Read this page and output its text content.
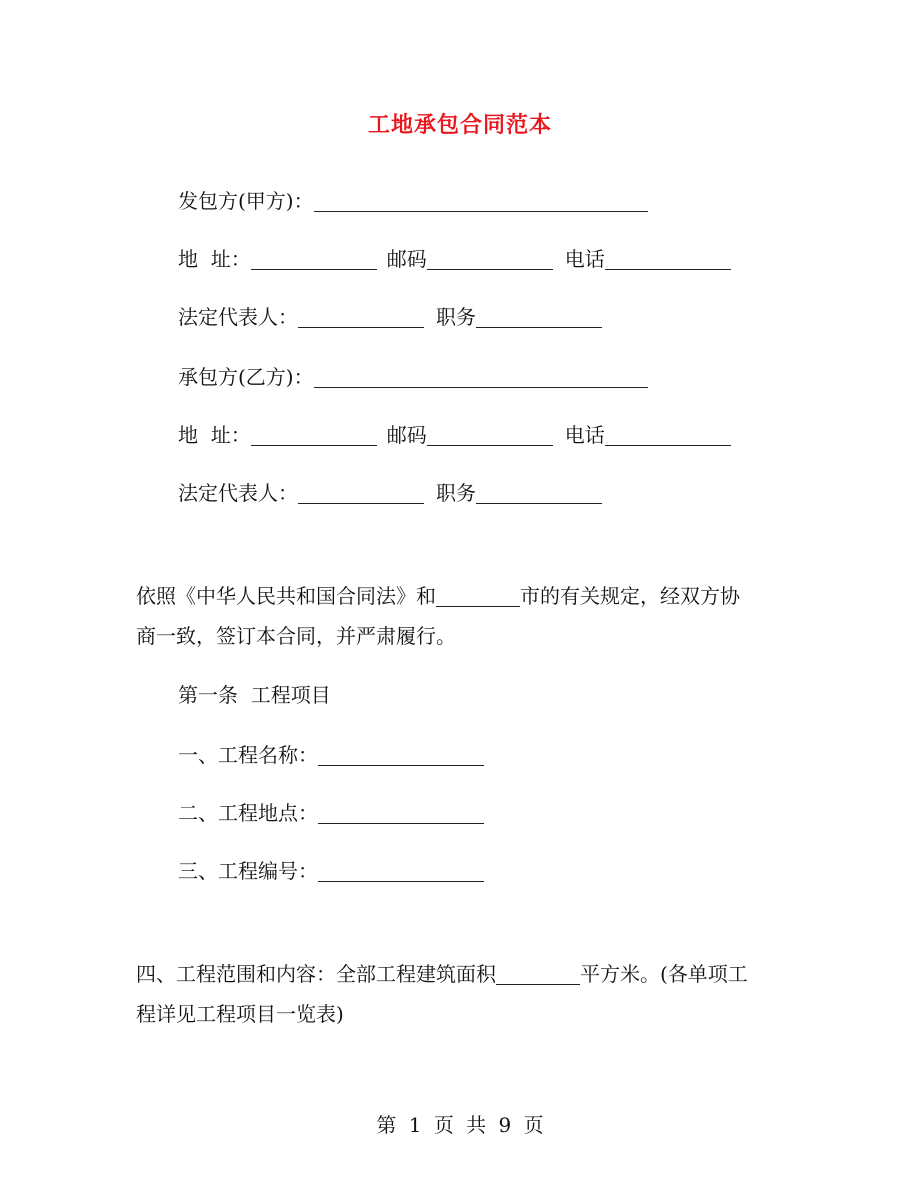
工地承包合同范本
发包方(甲方)：
地  址：	邮码	电话
法定代表人：	职务
承包方(乙方)：
地  址：	邮码	电话
法定代表人：	职务
依照《中华人民共和国合同法》和	市的有关规定，经双方协
商一致，签订本合同，并严肃履行。
第一条  工程项目
一、工程名称：
二、工程地点：
三、工程编号：
四、工程范围和内容：全部工程建筑面积	平方米。(各单项工
程详见工程项目一览表)
第 1 页 共 9 页
